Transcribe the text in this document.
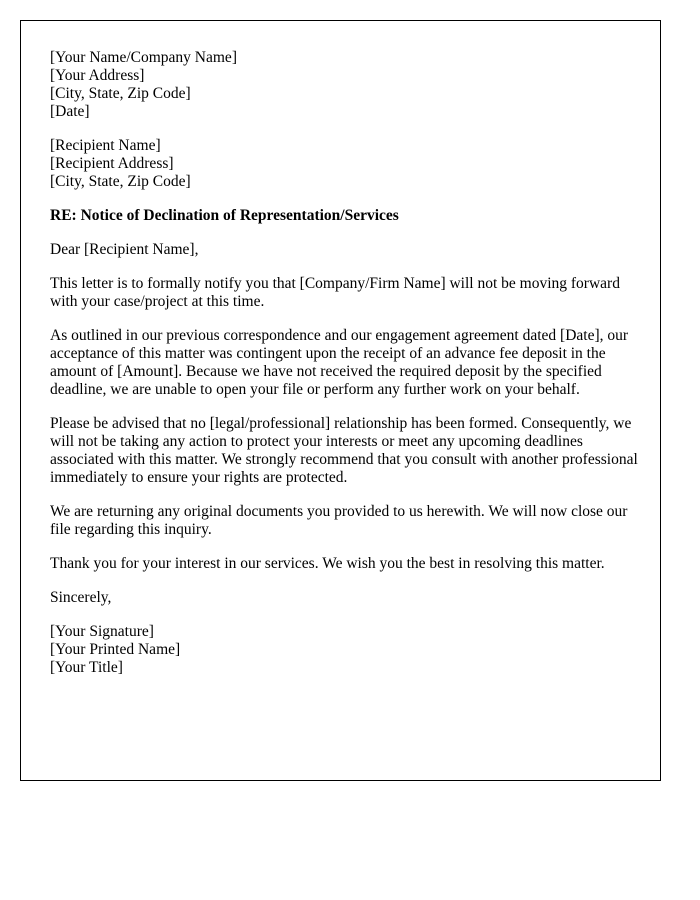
[Your Name/Company Name]
[Your Address]
[City, State, Zip Code]
[Date]
[Recipient Name]
[Recipient Address]
[City, State, Zip Code]
RE: Notice of Declination of Representation/Services
Dear [Recipient Name],
This letter is to formally notify you that [Company/Firm Name] will not be moving forward with your case/project at this time.
As outlined in our previous correspondence and our engagement agreement dated [Date], our acceptance of this matter was contingent upon the receipt of an advance fee deposit in the amount of [Amount]. Because we have not received the required deposit by the specified deadline, we are unable to open your file or perform any further work on your behalf.
Please be advised that no [legal/professional] relationship has been formed. Consequently, we will not be taking any action to protect your interests or meet any upcoming deadlines associated with this matter. We strongly recommend that you consult with another professional immediately to ensure your rights are protected.
We are returning any original documents you provided to us herewith. We will now close our file regarding this inquiry.
Thank you for your interest in our services. We wish you the best in resolving this matter.
Sincerely,
[Your Signature]
[Your Printed Name]
[Your Title]
